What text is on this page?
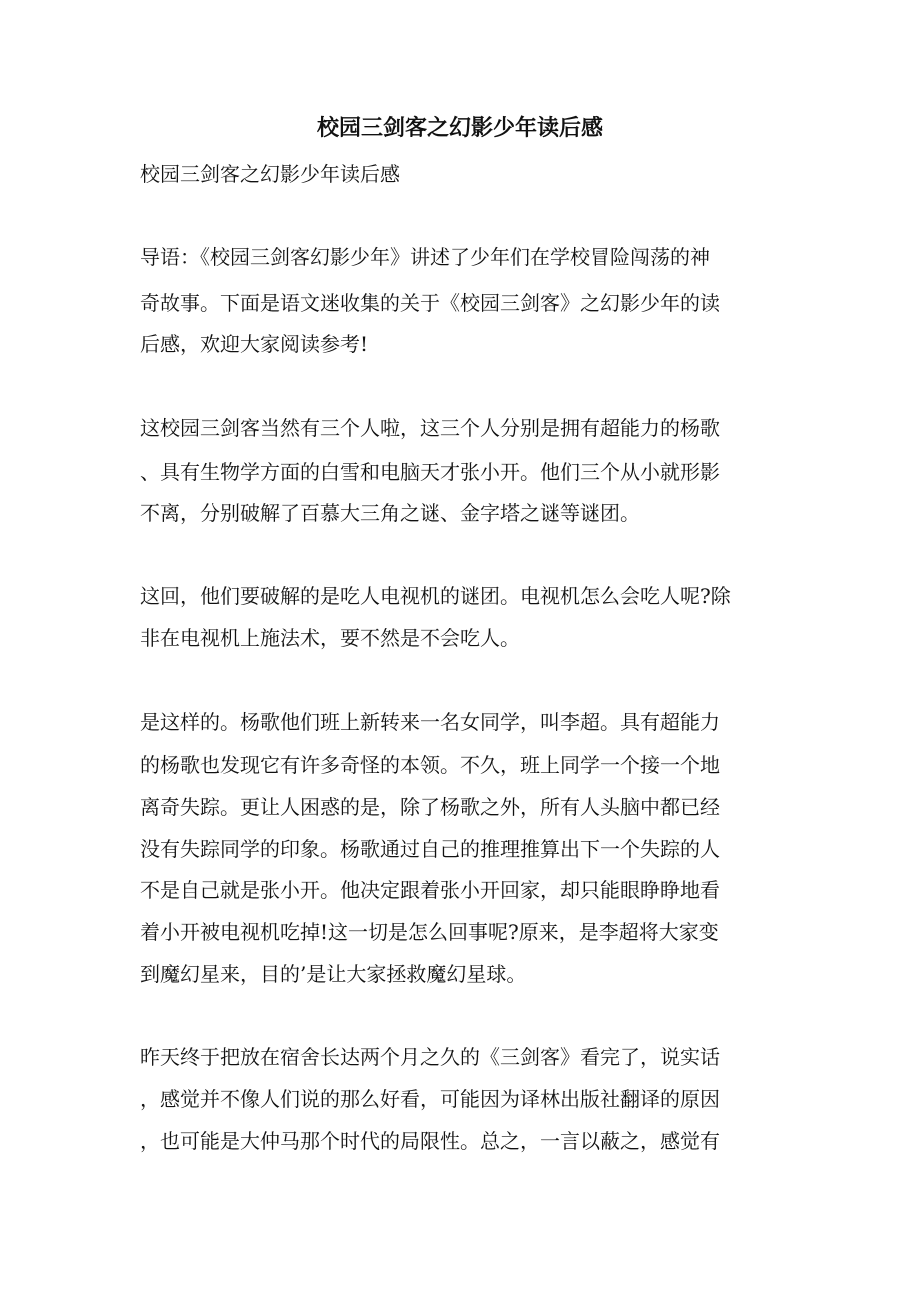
校园三剑客之幻影少年读后感

校园三剑客之幻影少年读后感

导语：《校园三剑客幻影少年》讲述了少年们在学校冒险闯荡的神

奇故事。下面是语文迷收集的关于《校园三剑客》之幻影少年的读

后感，欢迎大家阅读参考!

这校园三剑客当然有三个人啦，这三个人分别是拥有超能力的杨歌

、具有生物学方面的白雪和电脑天才张小开。他们三个从小就形影

不离，分别破解了百慕大三角之谜、金字塔之谜等谜团。

这回，他们要破解的是吃人电视机的谜团。电视机怎么会吃人呢?除

非在电视机上施法术，要不然是不会吃人。

是这样的。杨歌他们班上新转来一名女同学，叫李超。具有超能力

的杨歌也发现它有许多奇怪的本领。不久，班上同学一个接一个地

离奇失踪。更让人困惑的是，除了杨歌之外，所有人头脑中都已经

没有失踪同学的印象。杨歌通过自己的推理推算出下一个失踪的人

不是自己就是张小开。他决定跟着张小开回家，却只能眼睁睁地看

着小开被电视机吃掉!这一切是怎么回事呢?原来，是李超将大家变

到魔幻星来，目的’是让大家拯救魔幻星球。

昨天终于把放在宿舍长达两个月之久的《三剑客》看完了，说实话

，感觉并不像人们说的那么好看，可能因为译林出版社翻译的原因

，也可能是大仲马那个时代的局限性。总之，一言以蔽之，感觉有
